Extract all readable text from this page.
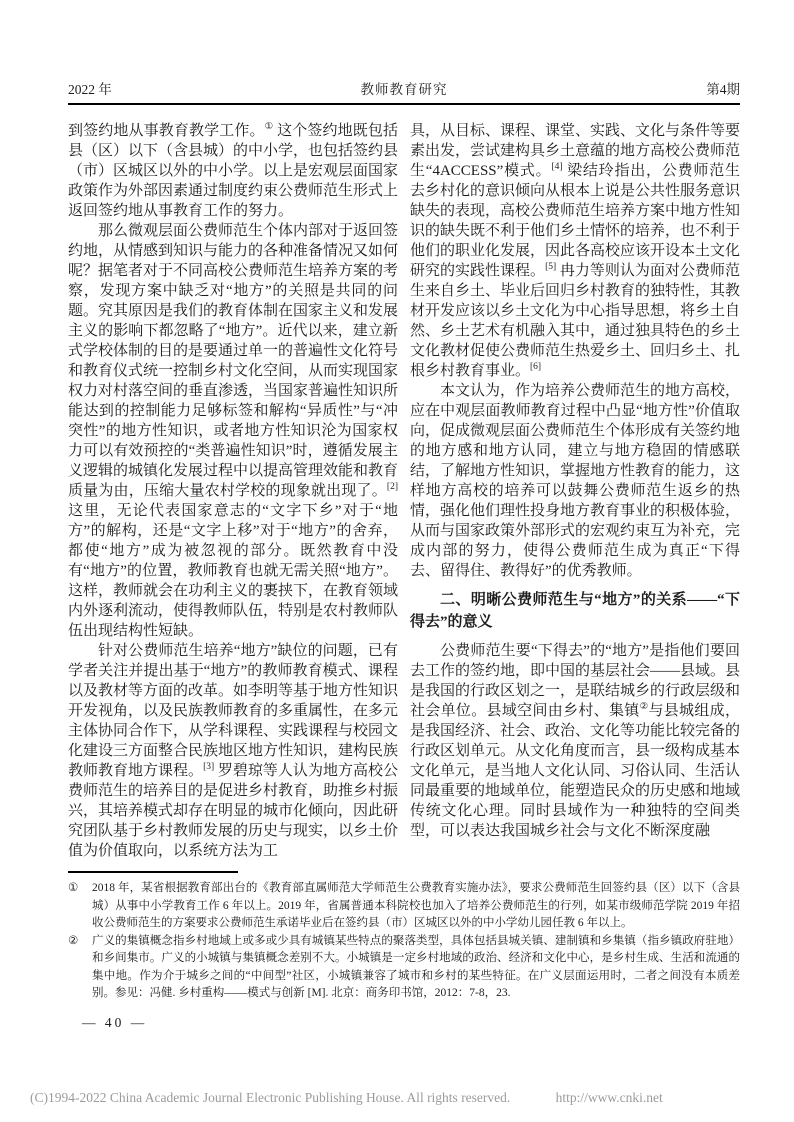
2022 年	教师教育研究	第4期

到签约地从事教育教学工作。① 这个签约地既包括县（区）以下（含县城）的中小学，也包括签约县（市）区城区以外的中小学。以上是宏观层面国家政策作为外部因素通过制度约束公费师范生形式上返回签约地从事教育工作的努力。

那么微观层面公费师范生个体内部对于返回签约地，从情感到知识与能力的各种准备情况又如何呢？据笔者对于不同高校公费师范生培养方案的考察，发现方案中缺乏对“地方”的关照是共同的问题。究其原因是我们的教育体制在国家主义和发展主义的影响下都忽略了“地方”。近代以来，建立新式学校体制的目的是要通过单一的普遍性文化符号和教育仪式统一控制乡村文化空间，从而实现国家权力对村落空间的垂直渗透，当国家普遍性知识所能达到的控制能力足够标签和解构“异质性”与“冲突性”的地方性知识，或者地方性知识沦为国家权力可以有效预控的“类普遍性知识”时，遵循发展主义逻辑的城镇化发展过程中以提高管理效能和教育质量为由，压缩大量农村学校的现象就出现了。[2] 这里，无论代表国家意志的“文字下乡”对于“地方”的解构，还是“文字上移”对于“地方”的舍弃，都使“地方”成为被忽视的部分。既然教育中没有“地方”的位置，教师教育也就无需关照“地方”。这样，教师就会在功利主义的裹挟下，在教育领域内外逐利流动，使得教师队伍，特别是农村教师队伍出现结构性短缺。

针对公费师范生培养“地方”缺位的问题，已有学者关注并提出基于“地方”的教师教育模式、课程以及教材等方面的改革。如李明等基于地方性知识开发视角，以及民族教师教育的多重属性，在多元主体协同合作下，从学科课程、实践课程与校园文化建设三方面整合民族地区地方性知识，建构民族教师教育地方课程。[3] 罗碧琼等人认为地方高校公费师范生的培养目的是促进乡村教育，助推乡村振兴，其培养模式却存在明显的城市化倾向，因此研究团队基于乡村教师发展的历史与现实，以乡土价值为价值取向，以系统方法为工

具，从目标、课程、课堂、实践、文化与条件等要素出发，尝试建构具乡土意蕴的地方高校公费师范生“4ACCESS”模式。[4] 梁结玲指出，公费师范生去乡村化的意识倾向从根本上说是公共性服务意识缺失的表现，高校公费师范生培养方案中地方性知识的缺失既不利于他们乡土情怀的培养，也不利于他们的职业化发展，因此各高校应该开设本土文化研究的实践性课程。[5] 冉力等则认为面对公费师范生来自乡土、毕业后回归乡村教育的独特性，其教材开发应该以乡土文化为中心指导思想，将乡土自然、乡土艺术有机融入其中，通过独具特色的乡土文化教材促使公费师范生热爱乡土、回归乡土、扎根乡村教育事业。[6]

本文认为，作为培养公费师范生的地方高校，应在中观层面教师教育过程中凸显“地方性”价值取向，促成微观层面公费师范生个体形成有关签约地的地方感和地方认同，建立与地方稳固的情感联结，了解地方性知识，掌握地方性教育的能力，这样地方高校的培养可以鼓舞公费师范生返乡的热情，强化他们理性投身地方教育事业的积极体验，从而与国家政策外部形式的宏观约束互为补充，完成内部的努力，使得公费师范生成为真正“下得去、留得住、教得好”的优秀教师。

二、明晰公费师范生与“地方”的关系——“下得去”的意义

公费师范生要“下得去”的“地方”是指他们要回去工作的签约地，即中国的基层社会——县域。县是我国的行政区划之一，是联结城乡的行政层级和社会单位。县域空间由乡村、集镇②与县城组成，是我国经济、社会、政治、文化等功能比较完备的行政区划单元。从文化角度而言，县一级构成基本文化单元，是当地人文化认同、习俗认同、生活认同最重要的地域单位，能塑造民众的历史感和地域传统文化心理。同时县域作为一种独特的空间类型，可以表达我国城乡社会与文化不断深度融

①	2018 年，某省根据教育部出台的《教育部直属师范大学师范生公费教育实施办法》，要求公费师范生回签约县（区）以下（含县城）从事中小学教育工作 6 年以上。2019 年，省属普通本科院校也加入了培养公费师范生的行列，如某市级师范学院 2019 年招收公费师范生的方案要求公费师范生承诺毕业后在签约县（市）区城区以外的中小学幼儿园任教 6 年以上。
②	广义的集镇概念指乡村地域上或多或少具有城镇某些特点的聚落类型，具体包括县城关镇、建制镇和乡集镇（指乡镇政府驻地）和乡间集市。广义的小城镇与集镇概念差别不大。小城镇是一定乡村地域的政治、经济和文化中心，是乡村生成、生活和流通的集中地。作为介于城乡之间的“中间型”社区，小城镇兼容了城市和乡村的某些特征。在广义层面运用时，二者之间没有本质差别。参见：冯健. 乡村重构——模式与创新 [M]. 北京：商务印书馆，2012：7-8，23.
— 40 —
(C)1994-2022 China Academic Journal Electronic Publishing House. All rights reserved.	http://www.cnki.net
